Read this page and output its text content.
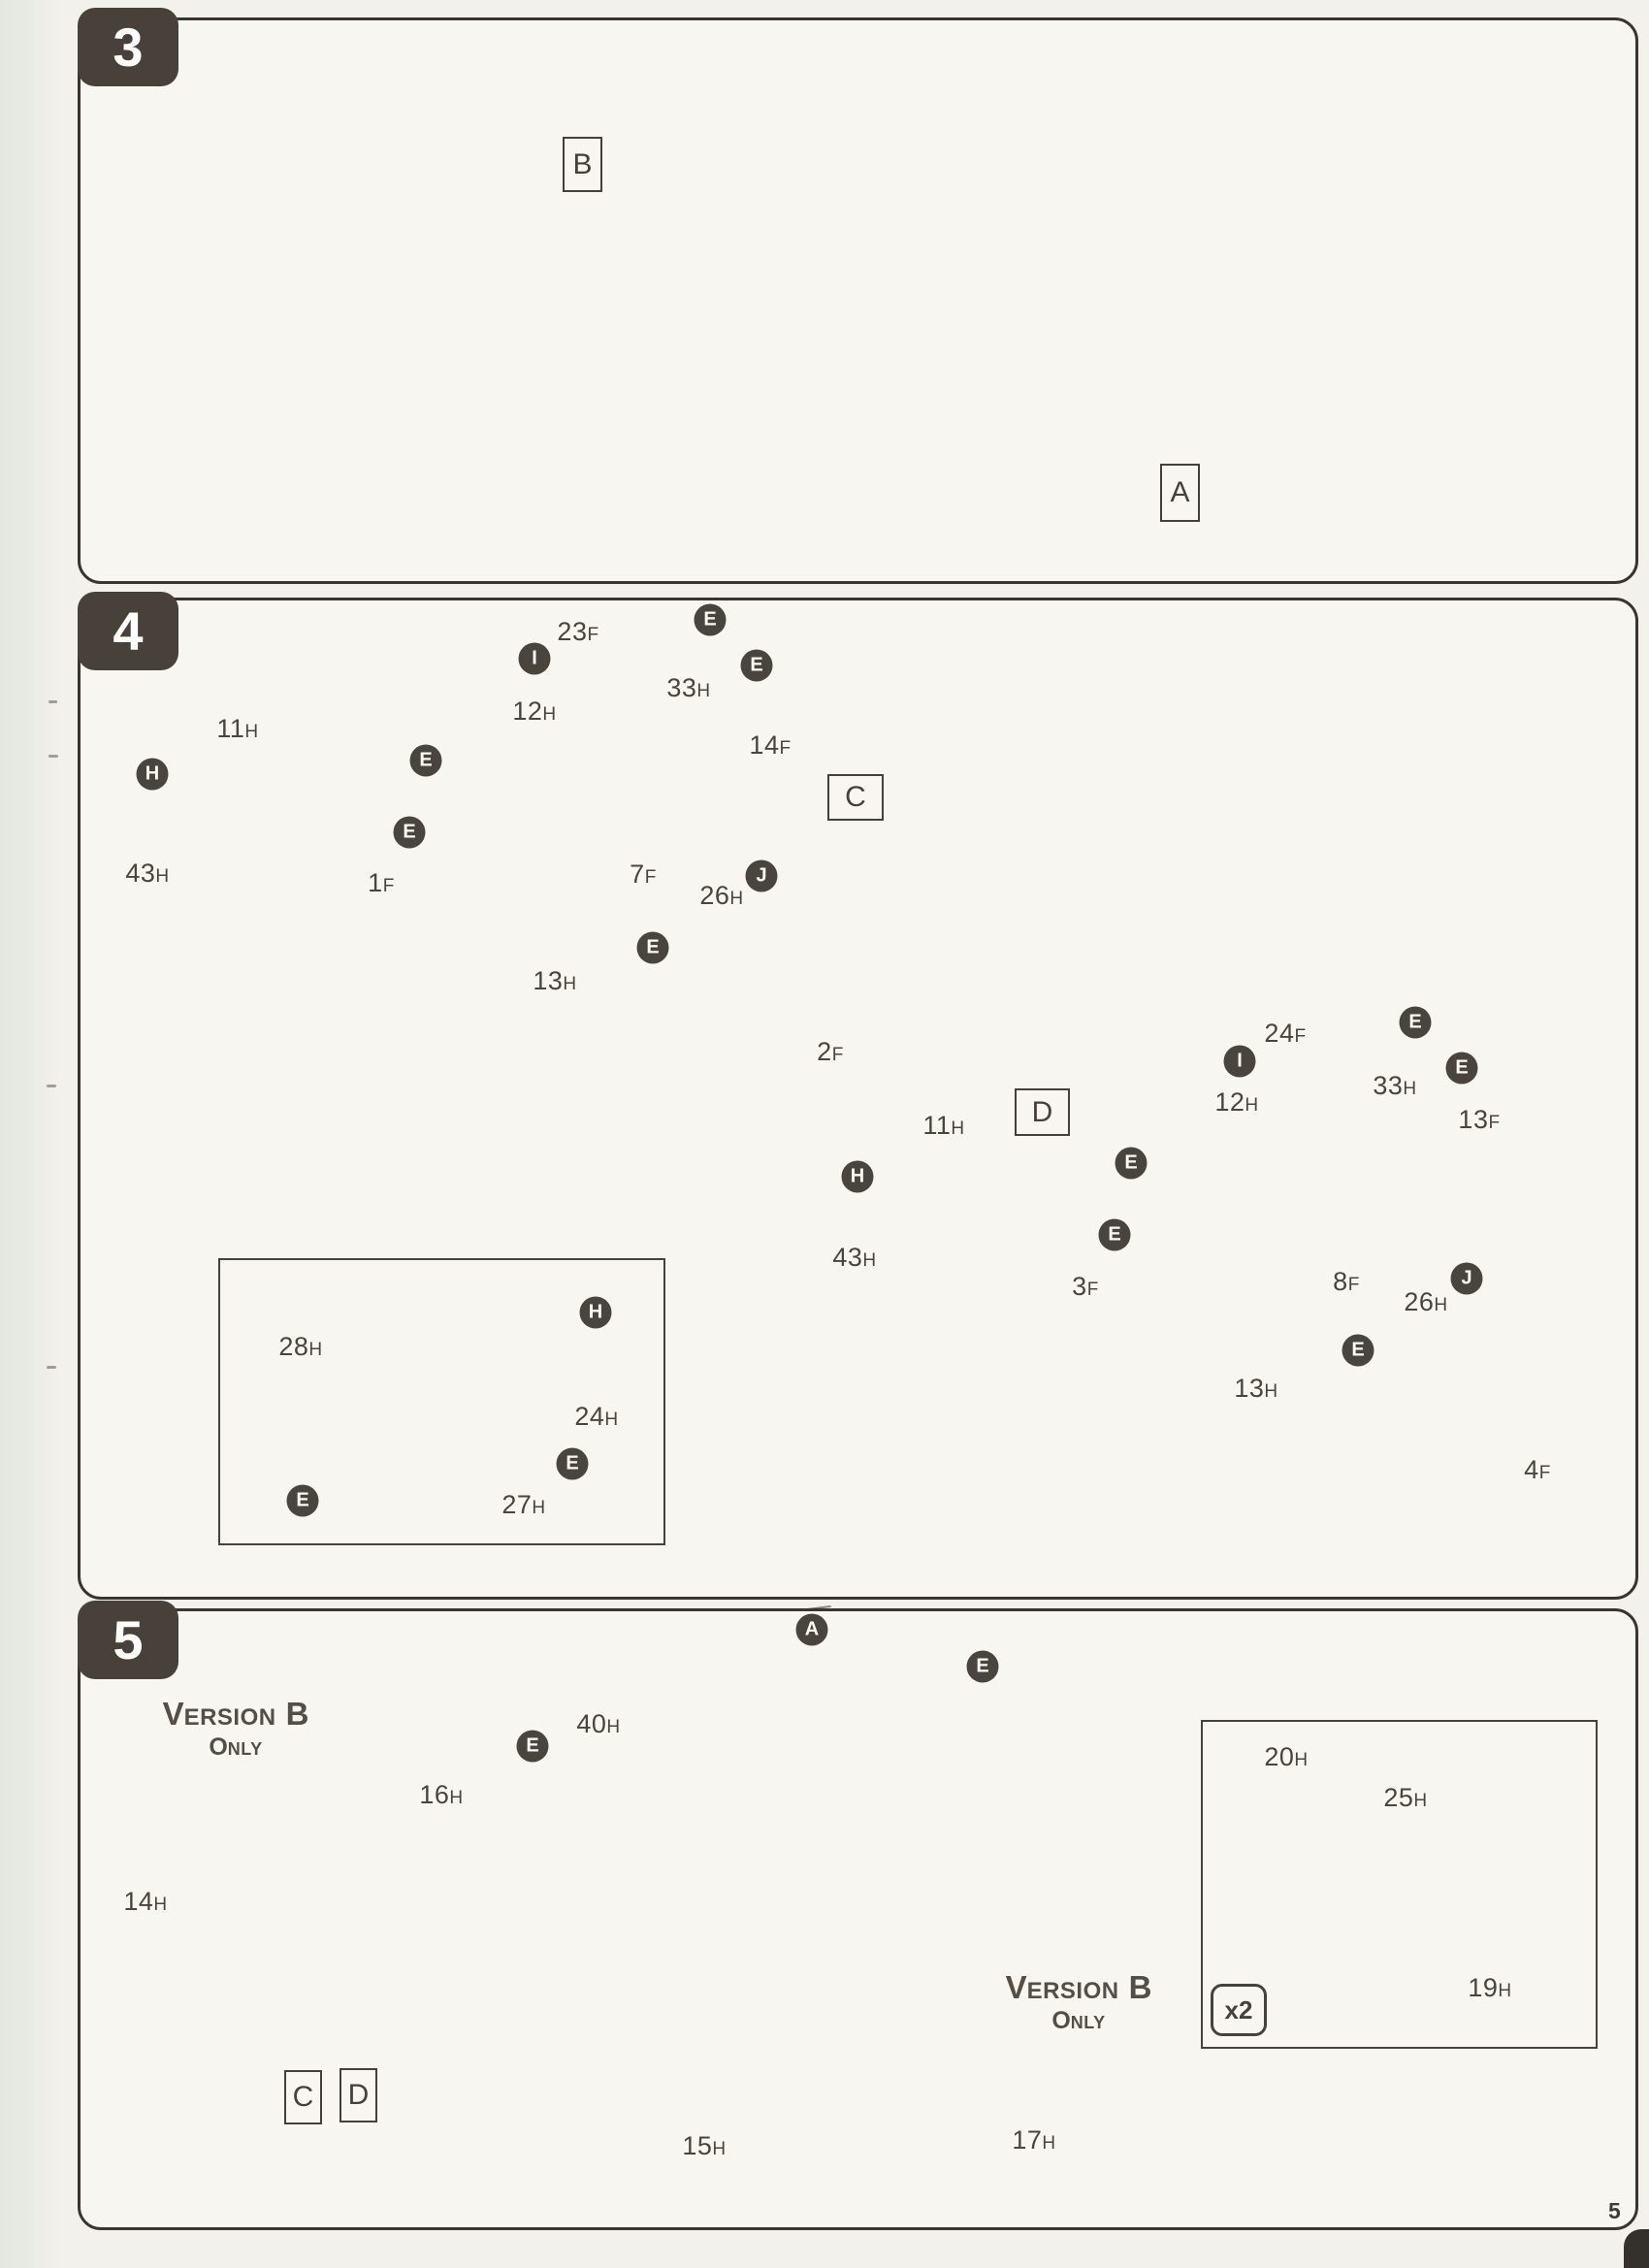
3
4
5
x2
B
A
23F
12H
33H
14F
11H
43H	1F	7F
26H
13H
2F
28H
24H
27H
24F
12H
33H
13F
11H
43H
3F	8F
26H
13H
4F
E
I	E
H
E
E
J
E
H
E
E
E
I	E
H
E
E
J
E
C
D
40H
16H
14H
15H	17H
20H
25H
19H
A
E
E
C D
VERSION B
ONLY
VERSION B
ONLY
5
